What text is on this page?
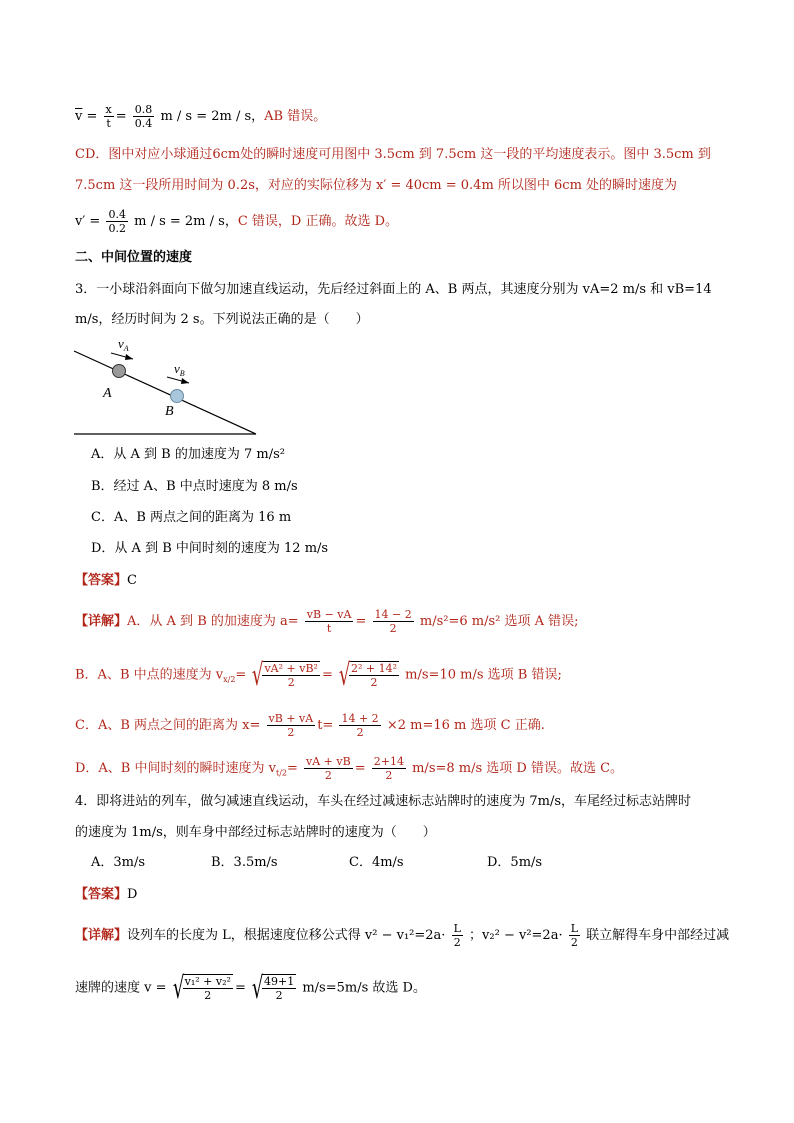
$\overline{v} = \frac{x}{t} = \frac{0.8}{0.4}$ m / s = 2m / s，AB 错误。
CD．图中对应小球通过6cm处的瞬时速度可用图中 3.5cm 到 7.5cm 这一段的平均速度表示。图中 3.5cm 到
7.5cm 这一段所用时间为 0.2s，对应的实际位移为 x′ = 40cm = 0.4m 所以图中 6cm 处的瞬时速度为
$v' = \frac{0.4}{0.2}$ m / s = 2m / s，C 错误，D 正确。故选 D。
二、中间位置的速度
3．一小球沿斜面向下做匀加速直线运动，先后经过斜面上的 A、B 两点，其速度分别为 vA=2 m/s 和 vB=14
m/s，经历时间为 2 s。下列说法正确的是（　　）
$v_A$
$v_B$
A
B
A．从 A 到 B 的加速度为 7 m/s²
B．经过 A、B 中点时速度为 8 m/s
C．A、B 两点之间的距离为 16 m
D．从 A 到 B 中间时刻的速度为 12 m/s
【答案】C
【详解】A．从 A 到 B 的加速度为 $a= \frac{vB - vA}{t} = \frac{14 - 2}{2} m/s^2=6$ m/s² 选项 A 错误;
B．A、B 中点的速度为 $v_{x/2}=$ √ $\frac{\text{vA² + vB²}}{2}$ = √ $\frac{\text{2² + 14²}}{2} m/s=10$ m/s 选项 B 错误;
C．A、B 两点之间的距离为 $x= \frac{vB + vA}{2} t= \frac{14 + 2}{2} \times 2$ m=16 m 选项 C 正确.
D．A、B 中间时刻的瞬时速度为 $v_{t/2}= \frac{vA + vB}{2} = \frac{2+14}{2} m/s=8$ m/s 选项 D 错误。故选 C。
4．即将进站的列车，做匀减速直线运动，车头在经过减速标志站牌时的速度为 7m/s，车尾经过标志站牌时
的速度为 1m/s，则车身中部经过标志站牌时的速度为（　　）
A．3m/s	B．3.5m/s	C．4m/s	D．5m/s
【答案】D
【详解】设列车的长度为 L，根据速度位移公式得 $v^2 - v_1^2=2a\cdot \frac{L}{2}$ ；$v_2^2 - v^2=2a\cdot \frac{L}{2}$ 联立解得车身中部经过减
速牌的速度 v = √ $\frac{\text{v₁² + v₂²}}{2}$ = √ $\frac{49+1}{2} m/s=5m/s$ 故选 D。
